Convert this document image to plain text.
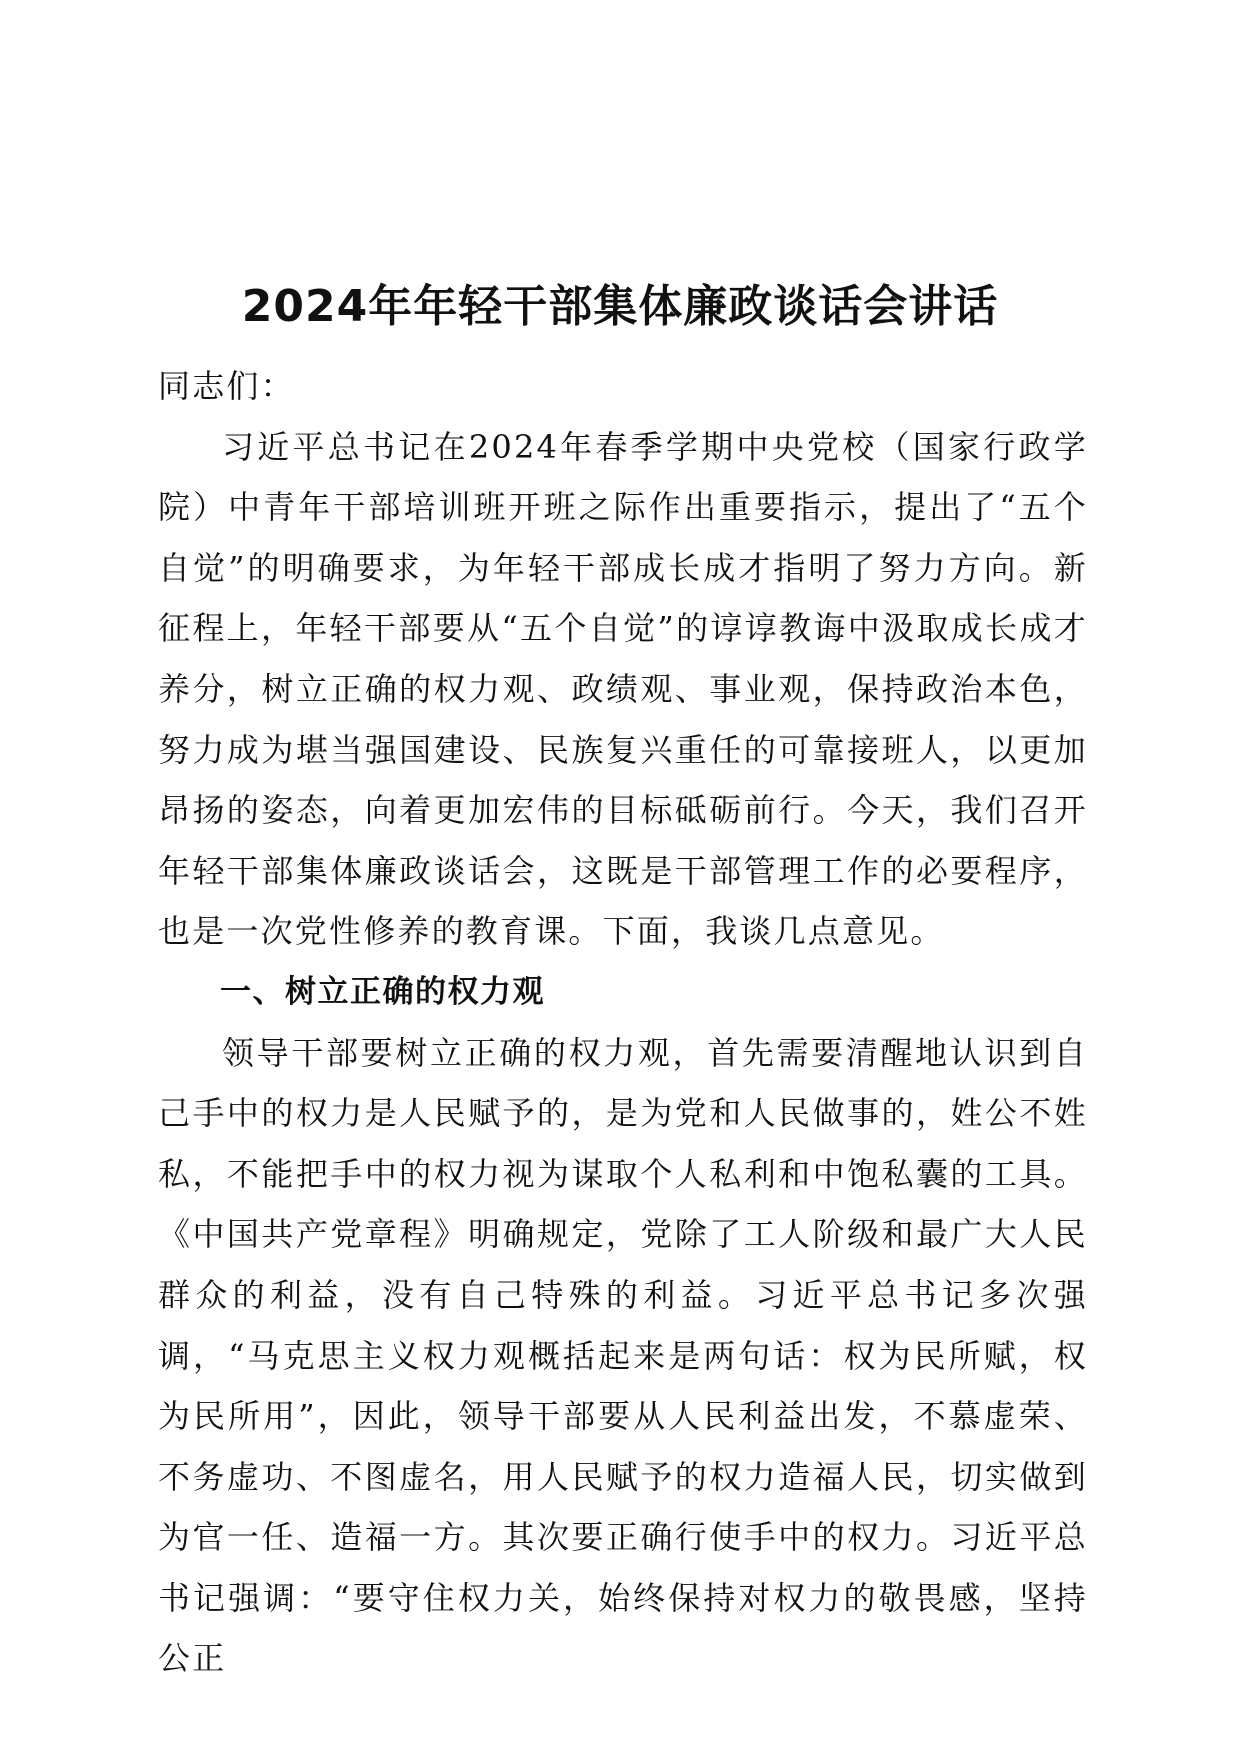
2024年年轻干部集体廉政谈话会讲话

同志们：

习近平总书记在2024年春季学期中央党校（国家行政学院）中青年干部培训班开班之际作出重要指示，提出了“五个自觉”的明确要求，为年轻干部成长成才指明了努力方向。新征程上，年轻干部要从“五个自觉”的谆谆教诲中汲取成长成才养分，树立正确的权力观、政绩观、事业观，保持政治本色，努力成为堪当强国建设、民族复兴重任的可靠接班人，以更加昂扬的姿态，向着更加宏伟的目标砥砺前行。今天，我们召开年轻干部集体廉政谈话会，这既是干部管理工作的必要程序，也是一次党性修养的教育课。下面，我谈几点意见。

一、树立正确的权力观

领导干部要树立正确的权力观，首先需要清醒地认识到自己手中的权力是人民赋予的，是为党和人民做事的，姓公不姓私，不能把手中的权力视为谋取个人私利和中饱私囊的工具。《中国共产党章程》明确规定，党除了工人阶级和最广大人民群众的利益，没有自己特殊的利益。习近平总书记多次强调，“马克思主义权力观概括起来是两句话：权为民所赋，权为民所用”，因此，领导干部要从人民利益出发，不慕虚荣、不务虚功、不图虚名，用人民赋予的权力造福人民，切实做到为官一任、造福一方。其次要正确行使手中的权力。习近平总书记强调：“要守住权力关，始终保持对权力的敬畏感，坚持公正
